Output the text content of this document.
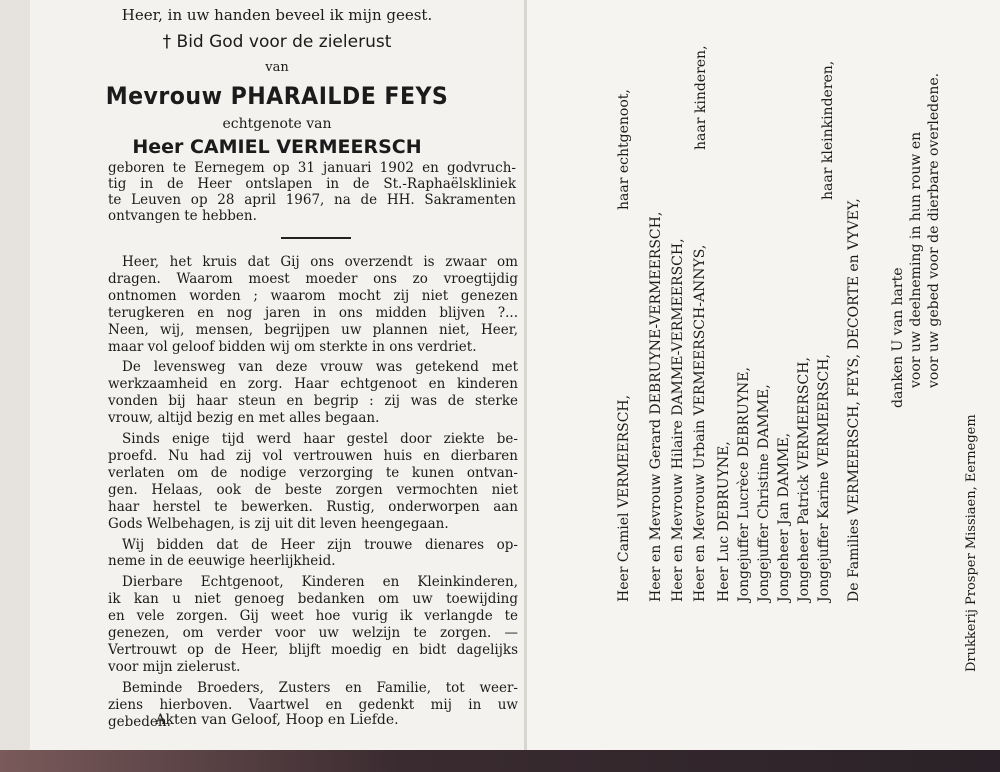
Heer, in uw handen beveel ik mijn geest.
† Bid God voor de zielerust
van
Mevrouw PHARAILDE FEYS
echtgenote van
Heer CAMIEL VERMEERSCH
geboren te Eernegem op 31 januari 1902 en godvruch-
tig in de Heer ontslapen in de St.-Raphaëlskliniek
te Leuven op 28 april 1967, na de HH. Sakramenten
ontvangen te hebben.
Heer, het kruis dat Gij ons overzendt is zwaar om
dragen. Waarom moest moeder ons zo vroegtijdig
ontnomen worden ; waarom mocht zij niet genezen
terugkeren en nog jaren in ons midden blijven ?...
Neen, wij, mensen, begrijpen uw plannen niet, Heer,
maar vol geloof bidden wij om sterkte in ons verdriet.
De levensweg van deze vrouw was getekend met
werkzaamheid en zorg. Haar echtgenoot en kinderen
vonden bij haar steun en begrip : zij was de sterke
vrouw, altijd bezig en met alles begaan.
Sinds enige tijd werd haar gestel door ziekte be-
proefd. Nu had zij vol vertrouwen huis en dierbaren
verlaten om de nodige verzorging te kunen ontvan-
gen. Helaas, ook de beste zorgen vermochten niet
haar herstel te bewerken. Rustig, onderworpen aan
Gods Welbehagen, is zij uit dit leven heengegaan.
Wij bidden dat de Heer zijn trouwe dienares op-
neme in de eeuwige heerlijkheid.
Dierbare Echtgenoot, Kinderen en Kleinkinderen,
ik kan u niet genoeg bedanken om uw toewijding
en vele zorgen. Gij weet hoe vurig ik verlangde te
genezen, om verder voor uw welzijn te zorgen. —
Vertrouwt op de Heer, blijft moedig en bidt dagelijks
voor mijn zielerust.
Beminde Broeders, Zusters en Familie, tot weer-
ziens hierboven. Vaartwel en gedenkt mij in uw
gebeden.
Akten van Geloof, Hoop en Liefde.
Heer Camiel VERMEERSCH,
haar echtgenoot,
Heer en Mevrouw Gerard DEBRUYNE-VERMEERSCH, Heer en Mevrouw Hilaire DAMME-VERMEERSCH, Heer en Mevrouw Urbain VERMEERSCH-ANNYS,
haar kinderen,
Heer Luc DEBRUYNE, Jongejuffer Lucrèce DEBRUYNE, Jongejuffer Christine DAMME, Jongeheer Jan DAMME, Jongeheer Patrick VERMEERSCH, Jongejuffer Karine VERMEERSCH,
haar kleinkinderen,
De Families VERMEERSCH, FEYS, DECORTE en VYVEY, danken U van harte voor uw deelneming in hun rouw en voor uw gebed voor de dierbare overledene.
Drukkerij Prosper Missiaen, Eernegem
